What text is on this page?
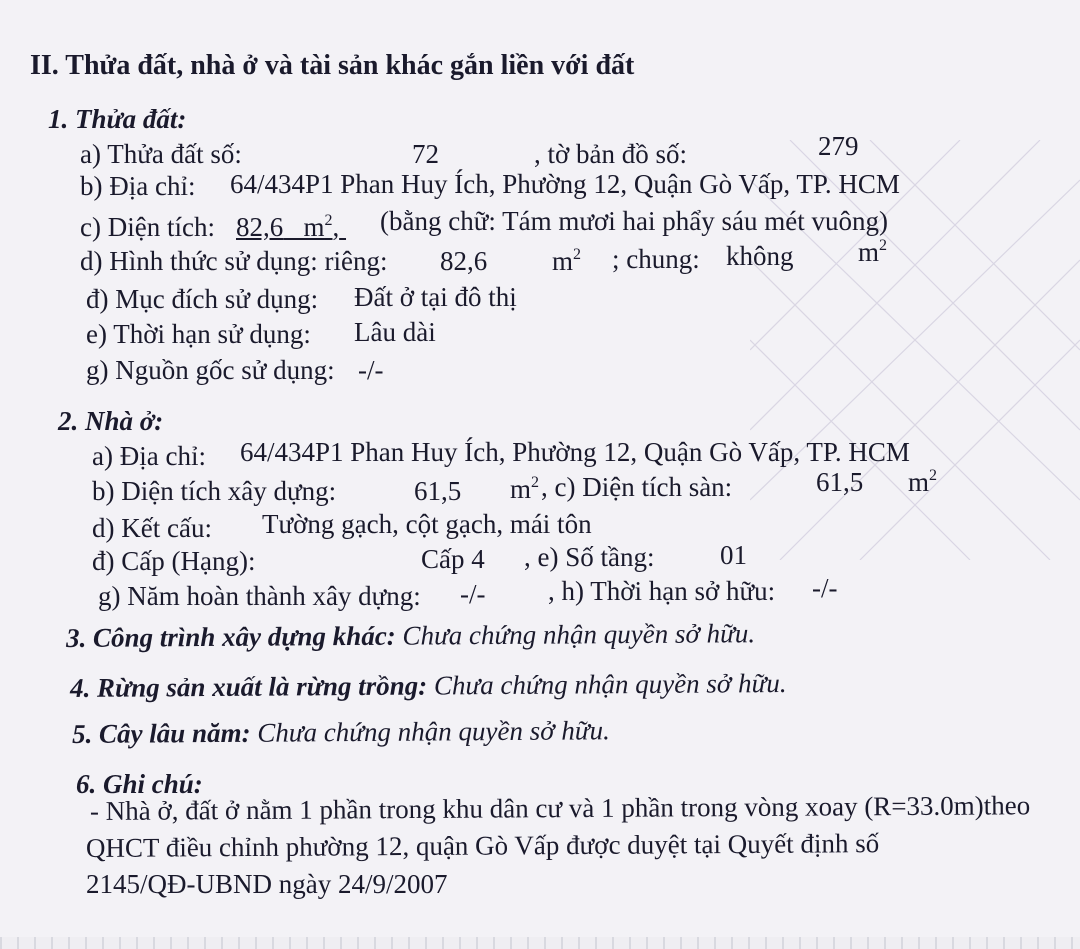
II. Thửa đất, nhà ở và tài sản khác gắn liền với đất
1. Thửa đất:
a) Thửa đất số:	72	, tờ bản đồ số:	279
b) Địa chỉ: 64/434P1 Phan Huy Ích, Phường 12, Quận Gò Vấp, TP. HCM
c) Diện tích: 82,6 $m^2$, (bằng chữ: Tám mươi hai phẩy sáu mét vuông)
d) Hình thức sử dụng: riêng: 82,6 $m^2$ ; chung: không $m^2$
đ) Mục đích sử dụng: Đất ở tại đô thị
e) Thời hạn sử dụng: Lâu dài
g) Nguồn gốc sử dụng: -/-
2. Nhà ở:
a) Địa chỉ: 64/434P1 Phan Huy Ích, Phường 12, Quận Gò Vấp, TP. HCM
b) Diện tích xây dựng:	61,5 $m^2$ , c) Diện tích sàn:	61,5 $m^2$
d) Kết cấu: Tường gạch, cột gạch, mái tôn
đ) Cấp (Hạng):	Cấp 4 , e) Số tầng: 01
g) Năm hoàn thành xây dựng: -/- , h) Thời hạn sở hữu: -/-
3. Công trình xây dựng khác: Chưa chứng nhận quyền sở hữu.
4. Rừng sản xuất là rừng trồng: Chưa chứng nhận quyền sở hữu.
5. Cây lâu năm: Chưa chứng nhận quyền sở hữu.
6. Ghi chú:
- Nhà ở, đất ở nằm 1 phần trong khu dân cư và 1 phần trong vòng xoay (R=33.0m)theo
QHCT điều chỉnh phường 12, quận Gò Vấp được duyệt tại Quyết định số
2145/QĐ-UBND ngày 24/9/2007
